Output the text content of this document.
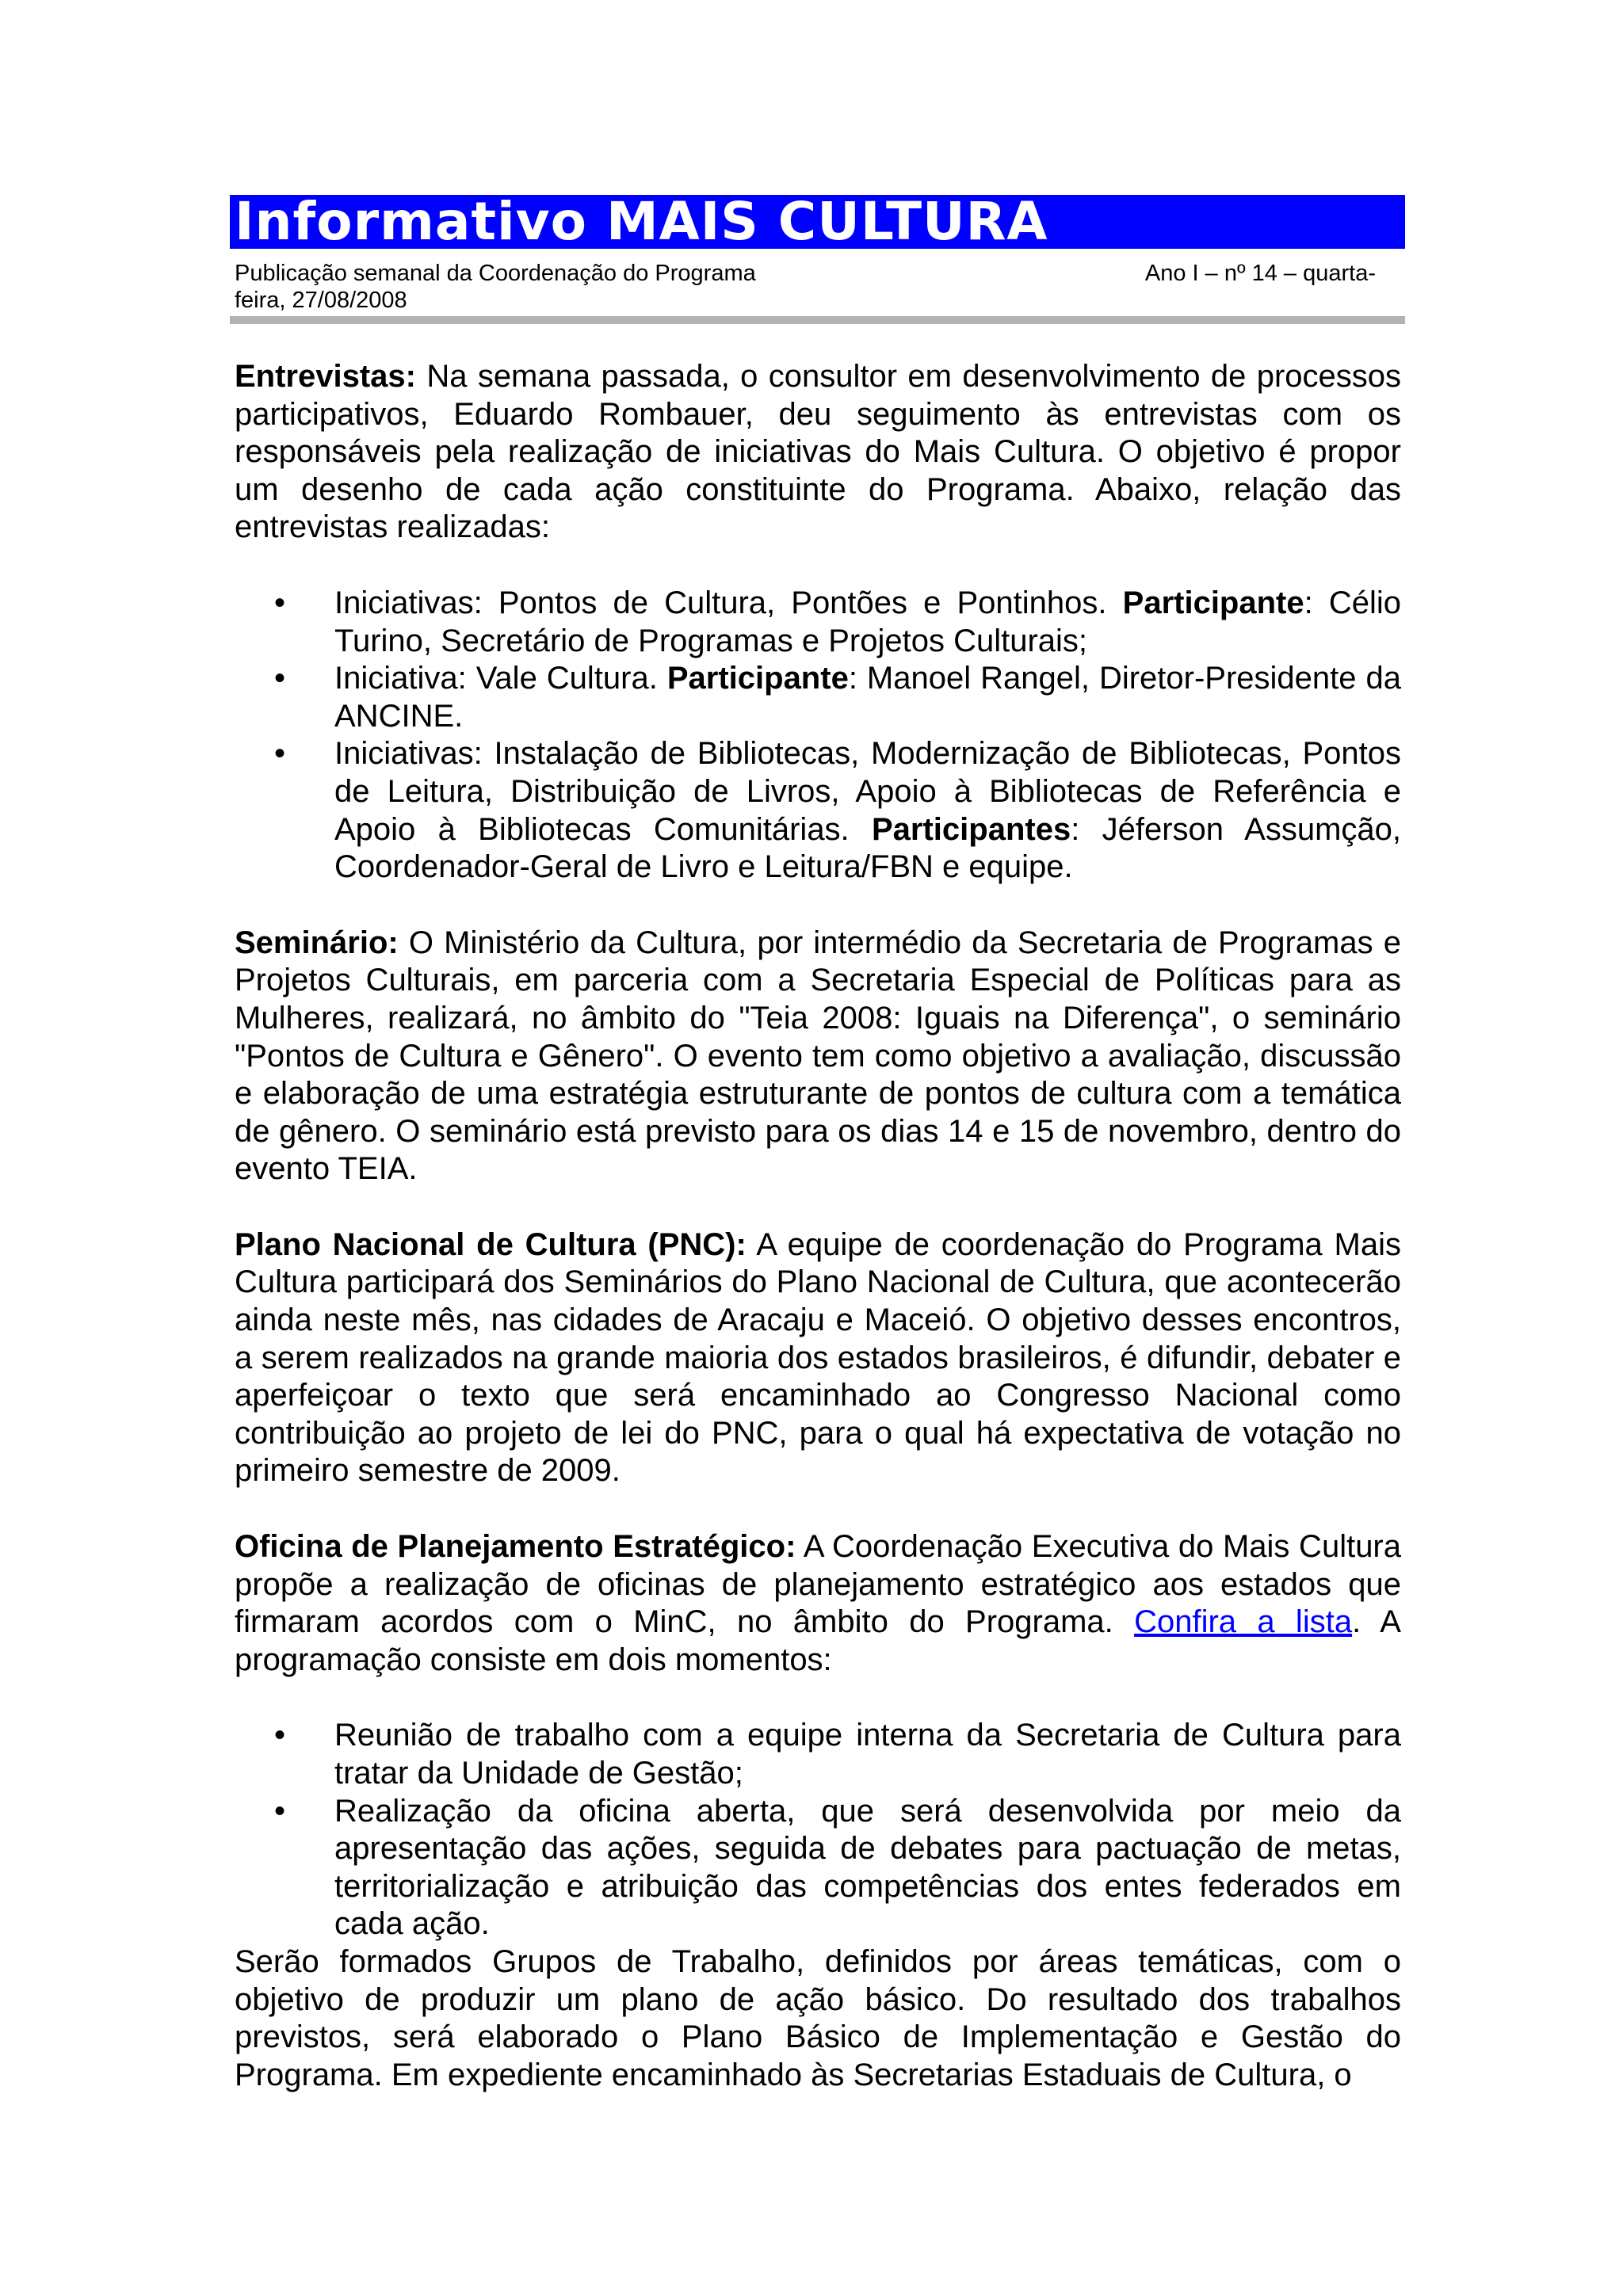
Informativo MAIS CULTURA
Publicação semanal da Coordenação do Programa	Ano I – nº 14 – quarta-
feira, 27/08/2008

Entrevistas: Na semana passada, o consultor em desenvolvimento de processos participativos, Eduardo Rombauer, deu seguimento às entrevistas com os responsáveis pela realização de iniciativas do Mais Cultura. O objetivo é propor um desenho de cada ação constituinte do Programa. Abaixo, relação das entrevistas realizadas:

• Iniciativas: Pontos de Cultura, Pontões e Pontinhos. Participante: Célio Turino, Secretário de Programas e Projetos Culturais;
• Iniciativa: Vale Cultura. Participante: Manoel Rangel, Diretor-Presidente da ANCINE.
• Iniciativas: Instalação de Bibliotecas, Modernização de Bibliotecas, Pontos de Leitura, Distribuição de Livros, Apoio à Bibliotecas de Referência e Apoio à Bibliotecas Comunitárias. Participantes: Jéferson Assumção, Coordenador-Geral de Livro e Leitura/FBN e equipe.

Seminário: O Ministério da Cultura, por intermédio da Secretaria de Programas e Projetos Culturais, em parceria com a Secretaria Especial de Políticas para as Mulheres, realizará, no âmbito do "Teia 2008: Iguais na Diferença", o seminário "Pontos de Cultura e Gênero". O evento tem como objetivo a avaliação, discussão e elaboração de uma estratégia estruturante de pontos de cultura com a temática de gênero. O seminário está previsto para os dias 14 e 15 de novembro, dentro do evento TEIA.

Plano Nacional de Cultura (PNC): A equipe de coordenação do Programa Mais Cultura participará dos Seminários do Plano Nacional de Cultura, que acontecerão ainda neste mês, nas cidades de Aracaju e Maceió. O objetivo desses encontros, a serem realizados na grande maioria dos estados brasileiros, é difundir, debater e aperfeiçoar o texto que será encaminhado ao Congresso Nacional como contribuição ao projeto de lei do PNC, para o qual há expectativa de votação no primeiro semestre de 2009.

Oficina de Planejamento Estratégico: A Coordenação Executiva do Mais Cultura propõe a realização de oficinas de planejamento estratégico aos estados que firmaram acordos com o MinC, no âmbito do Programa. Confira a lista. A programação consiste em dois momentos:

• Reunião de trabalho com a equipe interna da Secretaria de Cultura para tratar da Unidade de Gestão;
• Realização da oficina aberta, que será desenvolvida por meio da apresentação das ações, seguida de debates para pactuação de metas, territorialização e atribuição das competências dos entes federados em cada ação.

Serão formados Grupos de Trabalho, definidos por áreas temáticas, com o objetivo de produzir um plano de ação básico. Do resultado dos trabalhos previstos, será elaborado o Plano Básico de Implementação e Gestão do Programa. Em expediente encaminhado às Secretarias Estaduais de Cultura, o
